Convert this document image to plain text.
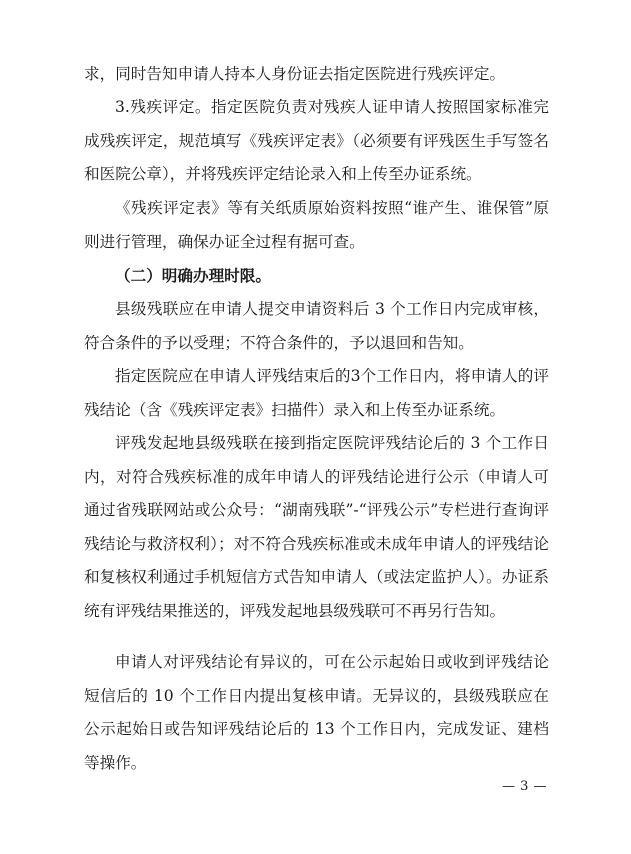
求，同时告知申请人持本人身份证去指定医院进行残疾评定。

3.残疾评定。指定医院负责对残疾人证申请人按照国家标准完成残疾评定，规范填写《残疾评定表》（必须要有评残医生手写签名和医院公章），并将残疾评定结论录入和上传至办证系统。

《残疾评定表》等有关纸质原始资料按照“谁产生、谁保管”原则进行管理，确保办证全过程有据可查。

（二）明确办理时限。

县级残联应在申请人提交申请资料后 3 个工作日内完成审核，符合条件的予以受理；不符合条件的，予以退回和告知。

指定医院应在申请人评残结束后的3个工作日内，将申请人的评残结论（含《残疾评定表》扫描件）录入和上传至办证系统。

评残发起地县级残联在接到指定医院评残结论后的 3 个工作日内，对符合残疾标准的成年申请人的评残结论进行公示（申请人可通过省残联网站或公众号：“湖南残联”-“评残公示”专栏进行查询评残结论与救济权利）；对不符合残疾标准或未成年申请人的评残结论和复核权利通过手机短信方式告知申请人（或法定监护人）。办证系统有评残结果推送的，评残发起地县级残联可不再另行告知。

申请人对评残结论有异议的，可在公示起始日或收到评残结论短信后的 10 个工作日内提出复核申请。无异议的，县级残联应在公示起始日或告知评残结论后的 13 个工作日内，完成发证、建档等操作。

— 3 —
